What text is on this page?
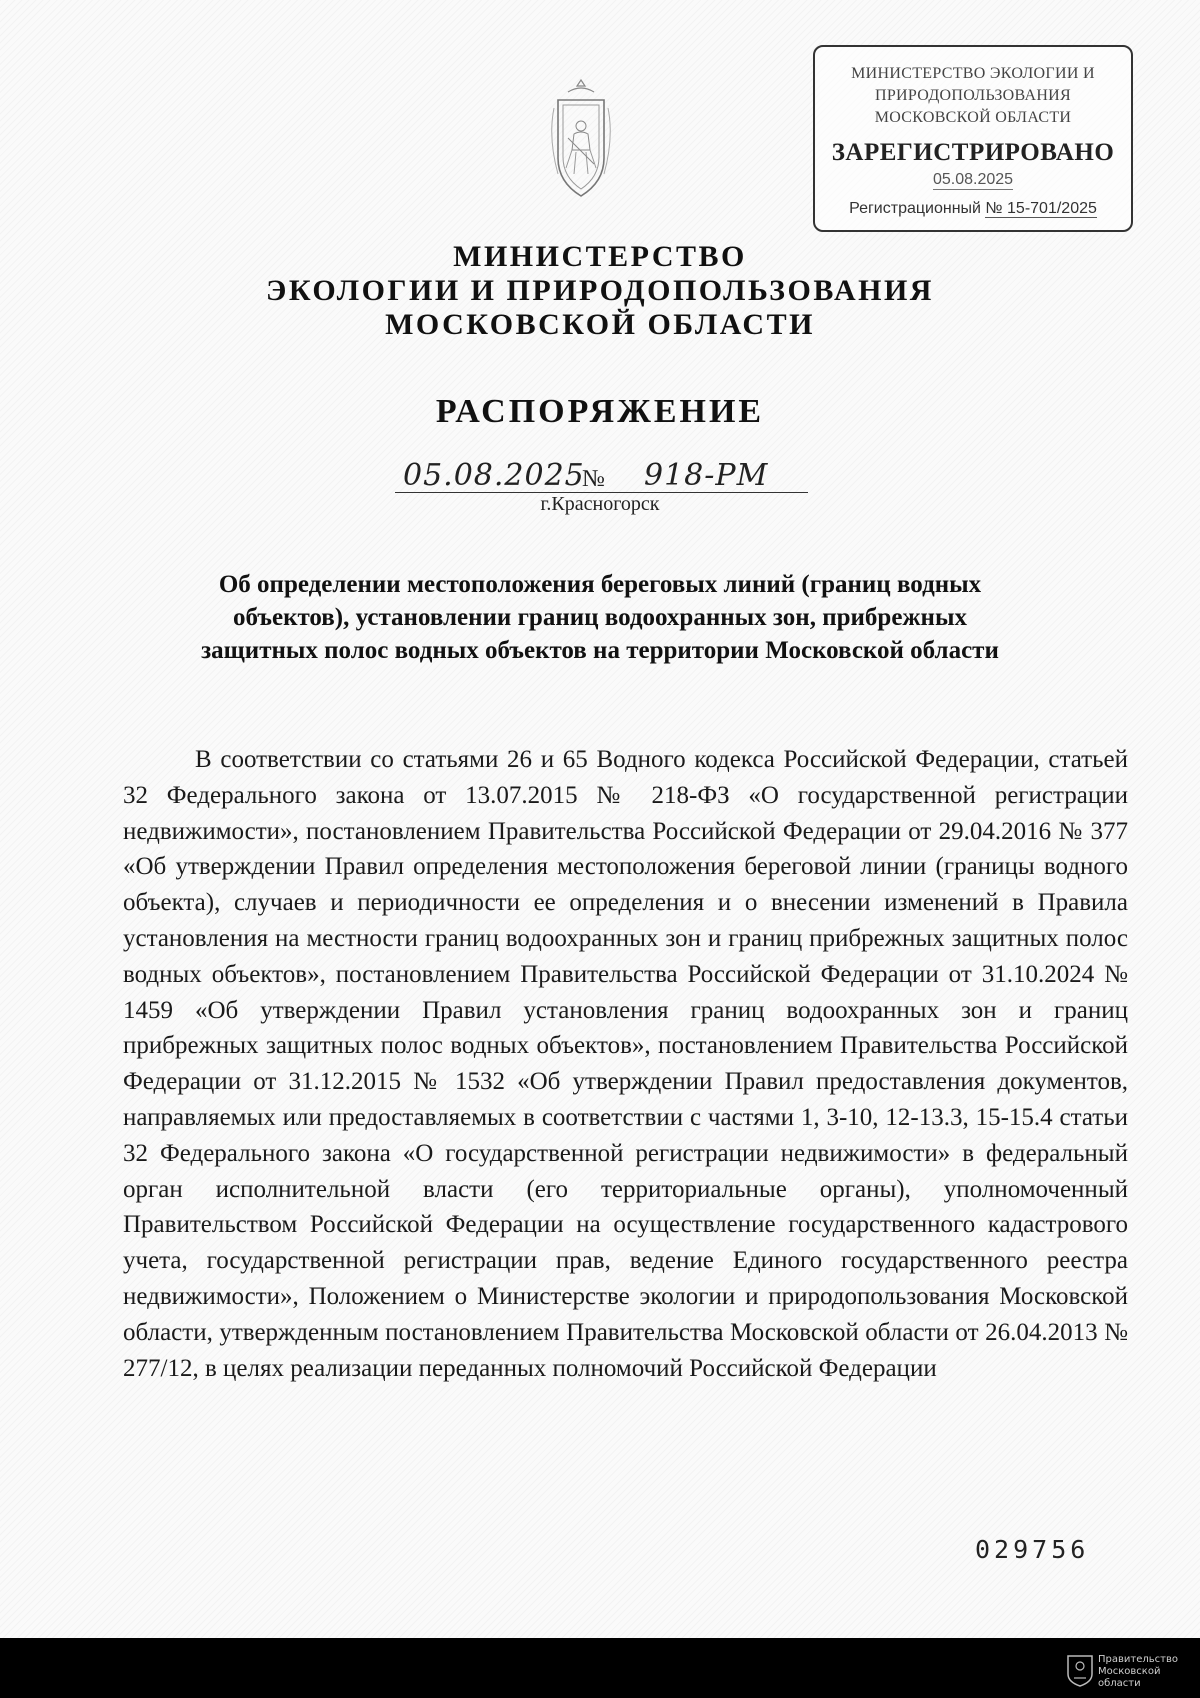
МИНИСТЕРСТВО ЭКОЛОГИИ И ПРИРОДОПОЛЬЗОВАНИЯ МОСКОВСКОЙ ОБЛАСТИ
ЗАРЕГИСТРИРОВАНО
05.08.2025
Регистрационный № 15-701/2025
МИНИСТЕРСТВО
ЭКОЛОГИИ И ПРИРОДОПОЛЬЗОВАНИЯ
МОСКОВСКОЙ ОБЛАСТИ
РАСПОРЯЖЕНИЕ
05.08.2025
№ 918-РМ
г.Красногорск
Об определении местоположения береговых линий (границ водных объектов), установлении границ водоохранных зон, прибрежных защитных полос водных объектов на территории Московской области
В соответствии со статьями 26 и 65 Водного кодекса Российской Федерации, статьей 32 Федерального закона от 13.07.2015 № 218-ФЗ «О государственной регистрации недвижимости», постановлением Правительства Российской Федерации от 29.04.2016 № 377 «Об утверждении Правил определения местоположения береговой линии (границы водного объекта), случаев и периодичности ее определения и о внесении изменений в Правила установления на местности границ водоохранных зон и границ прибрежных защитных полос водных объектов», постановлением Правительства Российской Федерации от 31.10.2024 № 1459 «Об утверждении Правил установления границ водоохранных зон и границ прибрежных защитных полос водных объектов», постановлением Правительства Российской Федерации от 31.12.2015 № 1532 «Об утверждении Правил предоставления документов, направляемых или предоставляемых в соответствии с частями 1, 3-10, 12-13.3, 15-15.4 статьи 32 Федерального закона «О государственной регистрации недвижимости» в федеральный орган исполнительной власти (его территориальные органы), уполномоченный Правительством Российской Федерации на осуществление государственного кадастрового учета, государственной регистрации прав, ведение Единого государственного реестра недвижимости», Положением о Министерстве экологии и природопользования Московской области, утвержденным постановлением Правительства Московской области от 26.04.2013 № 277/12, в целях реализации переданных полномочий Российской Федерации
029756
Правительство
Московской области
